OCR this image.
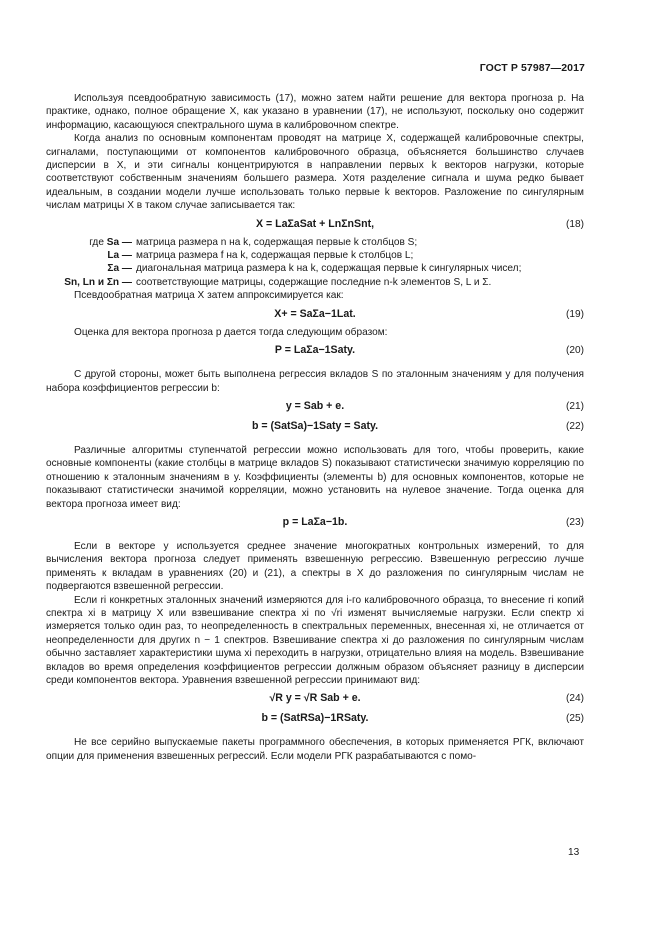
ГОСТ Р 57987—2017

Используя псевдообратную зависимость (17), можно затем найти решение для вектора прогноза p. На практике, однако, полное обращение X, как указано в уравнении (17), не используют, поскольку оно содержит информацию, касающуюся спектрального шума в калибровочном спектре.

Когда анализ по основным компонентам проводят на матрице X, содержащей калибровочные спектры, сигналами, поступающими от компонентов калибровочного образца, объясняется большинство случаев дисперсии в X, и эти сигналы концентрируются в направлении первых k векторов нагрузки, которые соответствуют собственным значениям большего размера. Хотя разделение сигнала и шума редко бывает идеальным, в создании модели лучше использовать только первые k векторов. Разложение по сингулярным числам матрицы X в таком случае записывается так:

X = LaΣaSat + LnΣnSnt,	(18)
где Sa — матрица размера n на k, содержащая первые k столбцов S;
La — матрица размера f на k, содержащая первые k столбцов L;
Σa — диагональная матрица размера k на k, содержащая первые k сингулярных чисел;
Sn, Ln и Σn — соответствующие матрицы, содержащие последние n-k элементов S, L и Σ.

Псевдообратная матрица X затем аппроксимируется как:

X+ = SaΣa−1Lat.	(19)

Оценка для вектора прогноза p дается тогда следующим образом:

P = LaΣa−1Saty.	(20)

С другой стороны, может быть выполнена регрессия вкладов S по эталонным значениям y для получения набора коэффициентов регрессии b:

y = Sab + e.	(21)
b = (SatSa)−1Saty = Saty.	(22)

Различные алгоритмы ступенчатой регрессии можно использовать для того, чтобы проверить, какие основные компоненты (какие столбцы в матрице вкладов S) показывают статистически значимую корреляцию по отношению к эталонным значениям в y. Коэффициенты (элементы b) для основных компонентов, которые не показывают статистически значимой корреляции, можно установить на нулевое значение. Тогда оценка для вектора прогноза имеет вид:

p = LaΣa−1b.	(23)

Если в векторе y используется среднее значение многократных контрольных измерений, то для вычисления вектора прогноза следует применять взвешенную регрессию. Взвешенную регрессию лучше применять к вкладам в уравнениях (20) и (21), а спектры в X до разложения по сингулярным числам не подвергаются взвешенной регрессии.

Если ri конкретных эталонных значений измеряются для i-го калибровочного образца, то внесение ri копий спектра xi в матрицу X или взвешивание спектра xi по √ri изменят вычисляемые нагрузки. Если спектр xi измеряется только один раз, то неопределенность в спектральных переменных, внесенная xi, не отличается от неопределенности для других n − 1 спектров. Взвешивание спектра xi до разложения по сингулярным числам обычно заставляет характеристики шума xi переходить в нагрузки, отрицательно влияя на модель. Взвешивание вкладов во время определения коэффициентов регрессии должным образом объясняет разницу в дисперсии среди компонентов вектора. Уравнения взвешенной регрессии принимают вид:

√R y = √R Sab + e.	(24)
b = (SatRSa)−1RSaty.	(25)

Не все серийно выпускаемые пакеты программного обеспечения, в которых применяется РГК, включают опции для применения взвешенных регрессий. Если модели РГК разрабатываются с помо-

13
